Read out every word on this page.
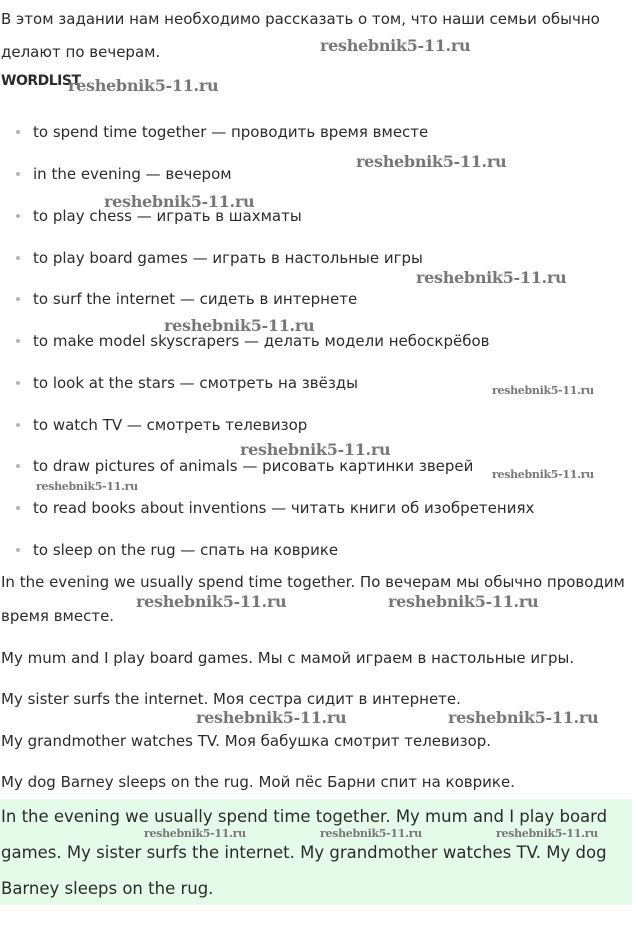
В этом задании нам необходимо рассказать о том, что наши семьи обычно делают по вечерам.

WORDLIST
to spend time together — проводить время вместе
in the evening — вечером
to play chess — играть в шахматы
to play board games — играть в настольные игры
to surf the internet — сидеть в интернете
to make model skyscrapers — делать модели небоскрёбов
to look at the stars — смотреть на звёзды
to watch TV — смотреть телевизор
to draw pictures of animals — рисовать картинки зверей
to read books about inventions — читать книги об изобретениях
to sleep on the rug — спать на коврике

In the evening we usually spend time together. По вечерам мы обычно проводим время вместе.

My mum and I play board games. Мы с мамой играем в настольные игры.

My sister surfs the internet. Моя сестра сидит в интернете.

My grandmother watches TV. Моя бабушка смотрит телевизор.

My dog Barney sleeps on the rug. Мой пёс Барни спит на коврике.

In the evening we usually spend time together. My mum and I play board games. My sister surfs the internet. My grandmother watches TV. My dog Barney sleeps on the rug.

reshebnik5-11.ru
reshebnik5-11.ru
reshebnik5-11.ru
reshebnik5-11.ru
reshebnik5-11.ru
reshebnik5-11.ru
reshebnik5-11.ru
reshebnik5-11.ru
reshebnik5-11.ru
reshebnik5-11.ru
reshebnik5-11.ru	reshebnik5-11.ru
reshebnik5-11.ru	reshebnik5-11.ru
reshebnik5-11.ru	reshebnik5-11.ru	reshebnik5-11.ru
